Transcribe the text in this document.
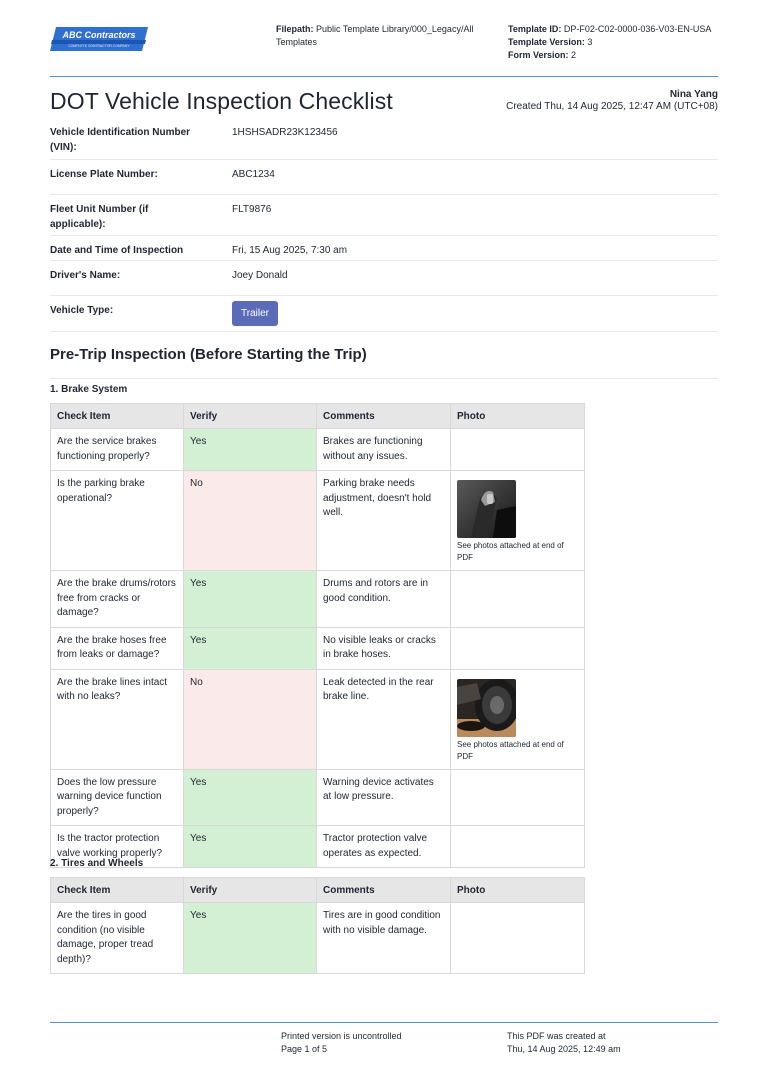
ABC Contractors
COMPLETE CONTRACTOR COMPANY
Filepath: Public Template Library/000_Legacy/All Templates
Template ID: DP-F02-C02-0000-036-V03-EN-USA
Template Version: 3
Form Version: 2
DOT Vehicle Inspection Checklist	Nina Yang
Created Thu, 14 Aug 2025, 12:47 AM (UTC+08)
Vehicle Identification Number (VIN):
1HSHSADR23K123456
License Plate Number:	ABC1234
Fleet Unit Number (if applicable):
FLT9876
Date and Time of Inspection	Fri, 15 Aug 2025, 7:30 am
Driver's Name:	Joey Donald
Vehicle Type:	Trailer
Pre-Trip Inspection (Before Starting the Trip)
1. Brake System
Check Item	Verify	Comments	Photo
Are the service brakes functioning properly?	Yes	Brakes are functioning without any issues.	
Is the parking brake operational?	No	Parking brake needs adjustment, doesn't hold well.	See photos attached at end of PDF

Are the brake drums/rotors free from cracks or damage?	Yes	Drums and rotors are in good condition.	
Are the brake hoses free from leaks or damage?	Yes	No visible leaks or cracks in brake hoses.	
Are the brake lines intact with no leaks?	No	Leak detected in the rear brake line.	See photos attached at end of PDF

Does the low pressure warning device function properly?	Yes	Warning device activates at low pressure.	
Is the tractor protection valve working properly?	Yes	Tractor protection valve operates as expected.	
2. Tires and Wheels
Check Item	Verify	Comments	Photo
Are the tires in good condition (no visible damage, proper tread depth)?	Yes	Tires are in good condition with no visible damage.	
Printed version is uncontrolled
Page 1 of 5
This PDF was created at
Thu, 14 Aug 2025, 12:49 am
